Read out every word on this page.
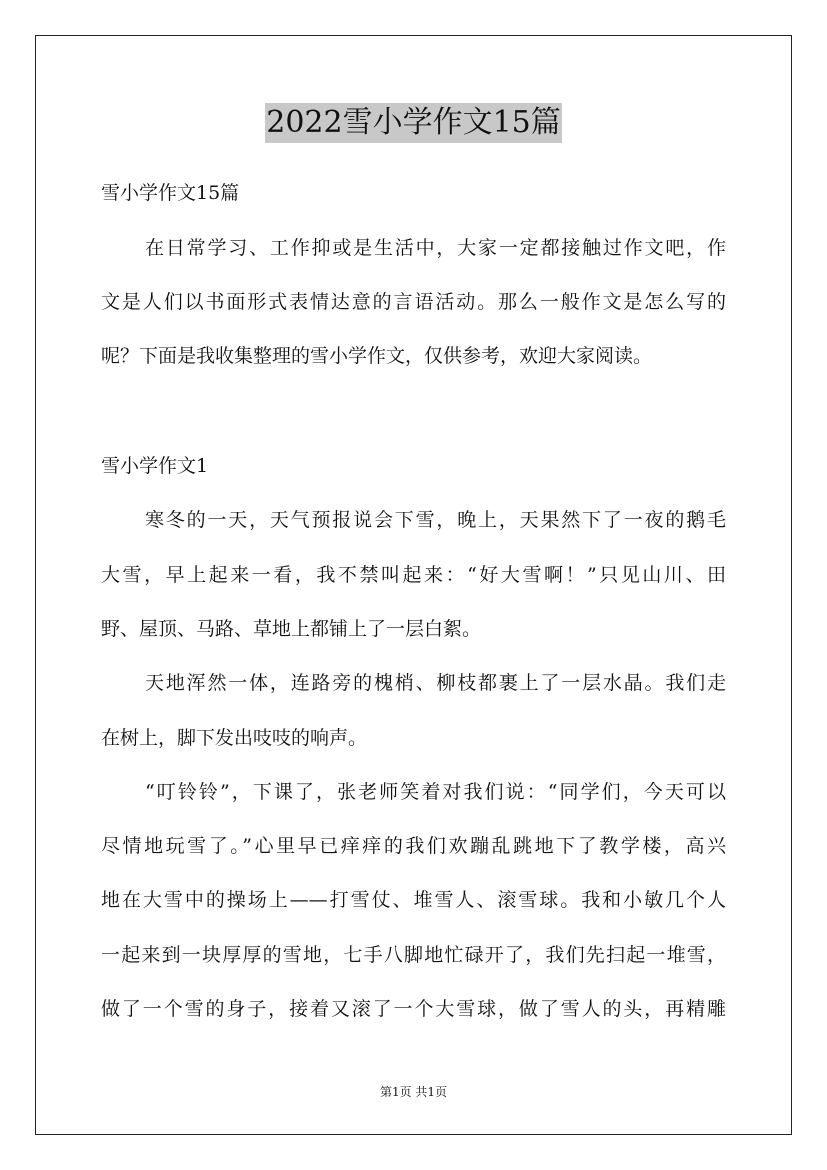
2022雪小学作文15篇
雪小学作文15篇
在日常学习、工作抑或是生活中，大家一定都接触过作文吧，作
文是人们以书面形式表情达意的言语活动。那么一般作文是怎么写的
呢？下面是我收集整理的雪小学作文，仅供参考，欢迎大家阅读。
雪小学作文1
寒冬的一天，天气预报说会下雪，晚上，天果然下了一夜的鹅毛
大雪，早上起来一看，我不禁叫起来：“好大雪啊！”只见山川、田
野、屋顶、马路、草地上都铺上了一层白絮。
天地浑然一体，连路旁的槐梢、柳枝都裹上了一层水晶。我们走
在树上，脚下发出吱吱的响声。
“叮铃铃”，下课了，张老师笑着对我们说：“同学们，今天可以
尽情地玩雪了。”心里早已痒痒的我们欢蹦乱跳地下了教学楼，高兴
地在大雪中的操场上——打雪仗、堆雪人、滚雪球。我和小敏几个人
一起来到一块厚厚的雪地，七手八脚地忙碌开了，我们先扫起一堆雪，
做了一个雪的身子，接着又滚了一个大雪球，做了雪人的头，再精雕
第1页 共1页
